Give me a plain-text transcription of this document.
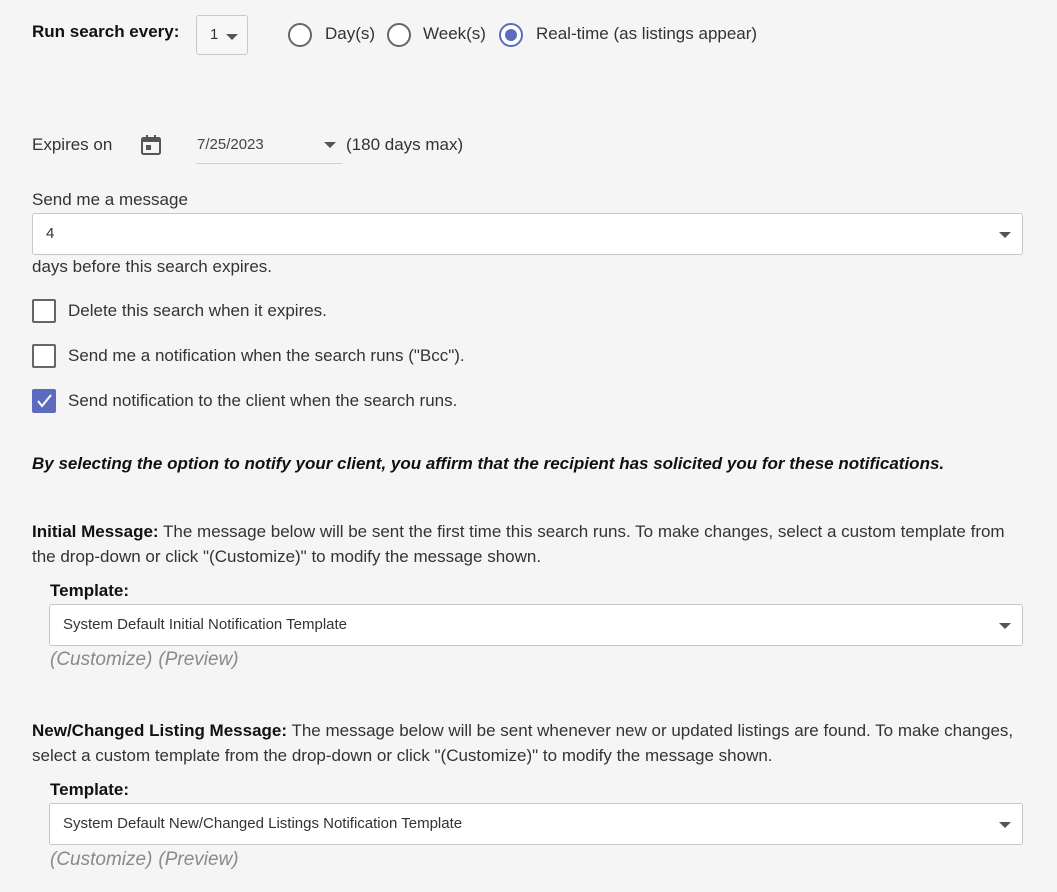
Run search every: 1	Day(s)	Week(s)	Real-time (as listings appear)
Expires on	7/25/2023	(180 days max)
Send me a message
4
days before this search expires.
Delete this search when it expires.
Send me a notification when the search runs ("Bcc").
Send notification to the client when the search runs.
By selecting the option to notify your client, you affirm that the recipient has solicited you for these notifications.
Initial Message: The message below will be sent the first time this search runs. To make changes, select a custom template from the drop-down or click "(Customize)" to modify the message shown.
Template:
System Default Initial Notification Template
(Customize) (Preview)
New/Changed Listing Message: The message below will be sent whenever new or updated listings are found. To make changes, select a custom template from the drop-down or click "(Customize)" to modify the message shown.
Template:
System Default New/Changed Listings Notification Template
(Customize) (Preview)
